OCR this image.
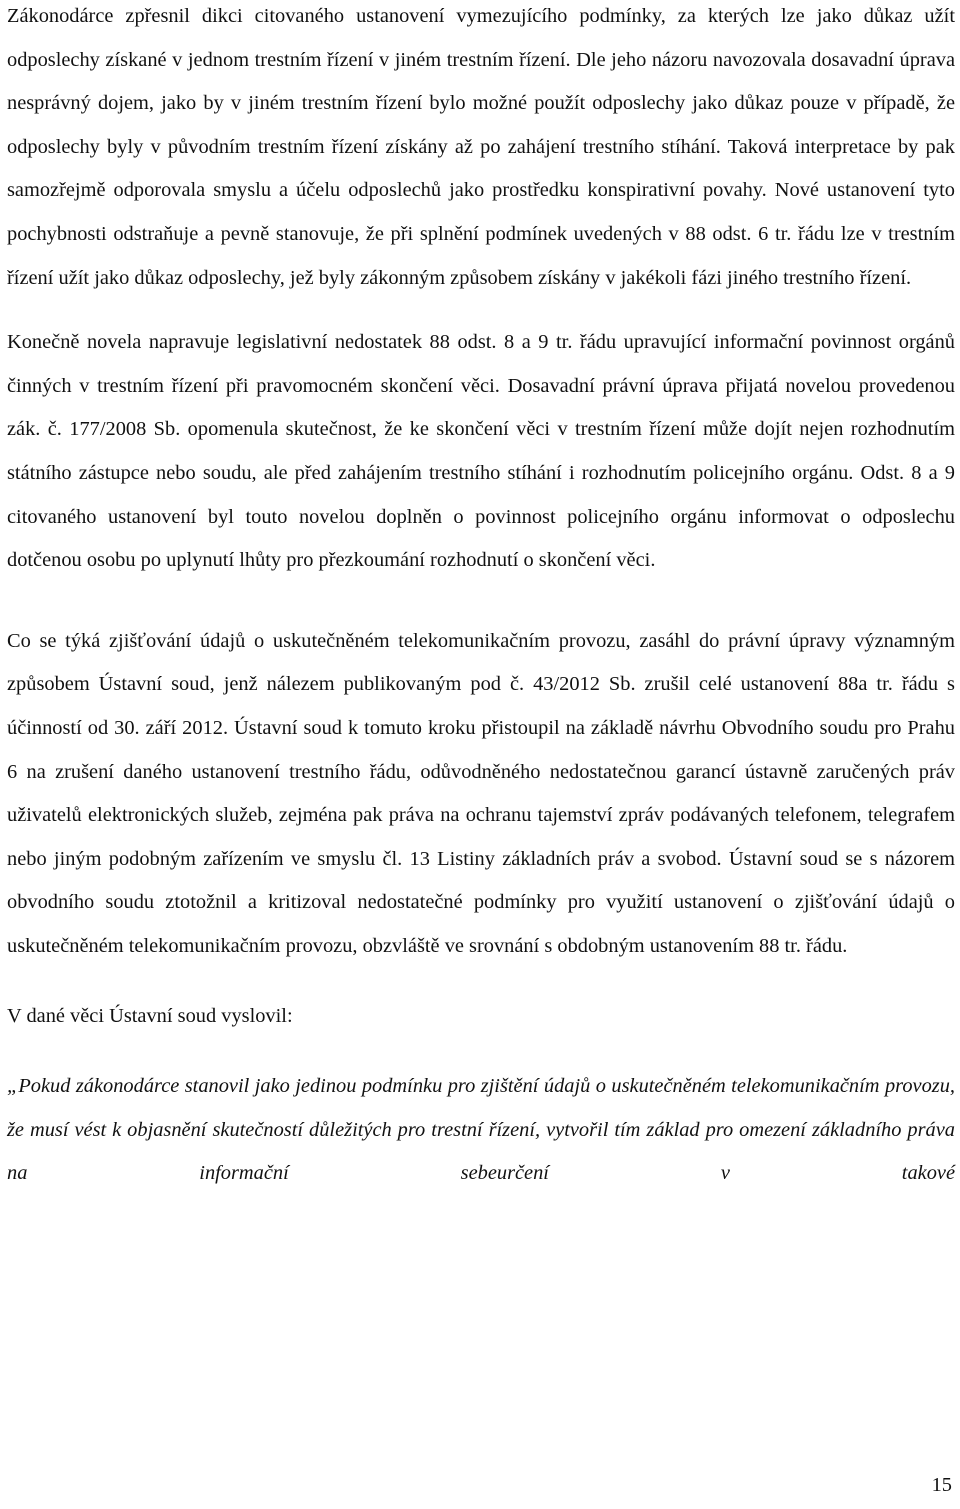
Zákonodárce zpřesnil dikci citovaného ustanovení vymezujícího podmínky, za kterých lze jako důkaz užít odposlechy získané v jednom trestním řízení v jiném trestním řízení. Dle jeho názoru navozovala dosavadní úprava nesprávný dojem, jako by v jiném trestním řízení bylo možné použít odposlechy jako důkaz pouze v případě, že odposlechy byly v původním trestním řízení získány až po zahájení trestního stíhání. Taková interpretace by pak samozřejmě odporovala smyslu a účelu odposlechů jako prostředku konspirativní povahy. Nové ustanovení tyto pochybnosti odstraňuje a pevně stanovuje, že při splnění podmínek uvedených v 88 odst. 6 tr. řádu lze v trestním řízení užít jako důkaz odposlechy, jež byly zákonným způsobem získány v jakékoli fázi jiného trestního řízení.

Konečně novela napravuje legislativní nedostatek 88 odst. 8 a 9 tr. řádu upravující informační povinnost orgánů činných v trestním řízení při pravomocném skončení věci. Dosavadní právní úprava přijatá novelou provedenou zák. č. 177/2008 Sb. opomenula skutečnost, že ke skončení věci v trestním řízení může dojít nejen rozhodnutím státního zástupce nebo soudu, ale před zahájením trestního stíhání i rozhodnutím policejního orgánu. Odst. 8 a 9 citovaného ustanovení byl touto novelou doplněn o povinnost policejního orgánu informovat o odposlechu dotčenou osobu po uplynutí lhůty pro přezkoumání rozhodnutí o skončení věci.

Co se týká zjišťování údajů o uskutečněném telekomunikačním provozu, zasáhl do právní úpravy významným způsobem Ústavní soud, jenž nálezem publikovaným pod č. 43/2012 Sb. zrušil celé ustanovení 88a tr. řádu s účinností od 30. září 2012. Ústavní soud k tomuto kroku přistoupil na základě návrhu Obvodního soudu pro Prahu 6 na zrušení daného ustanovení trestního řádu, odůvodněného nedostatečnou garancí ústavně zaručených práv uživatelů elektronických služeb, zejména pak práva na ochranu tajemství zpráv podávaných telefonem, telegrafem nebo jiným podobným zařízením ve smyslu čl. 13 Listiny základních práv a svobod. Ústavní soud se s názorem obvodního soudu ztotožnil a kritizoval nedostatečné podmínky pro využití ustanovení o zjišťování údajů o uskutečněném telekomunikačním provozu, obzvláště ve srovnání s obdobným ustanovením 88 tr. řádu.

V dané věci Ústavní soud vyslovil:

„Pokud zákonodárce stanovil jako jedinou podmínku pro zjištění údajů o uskutečněném telekomunikačním provozu, že musí vést k objasnění skutečností důležitých pro trestní řízení, vytvořil tím základ pro omezení základního práva na informační sebeurčení v takové

15
